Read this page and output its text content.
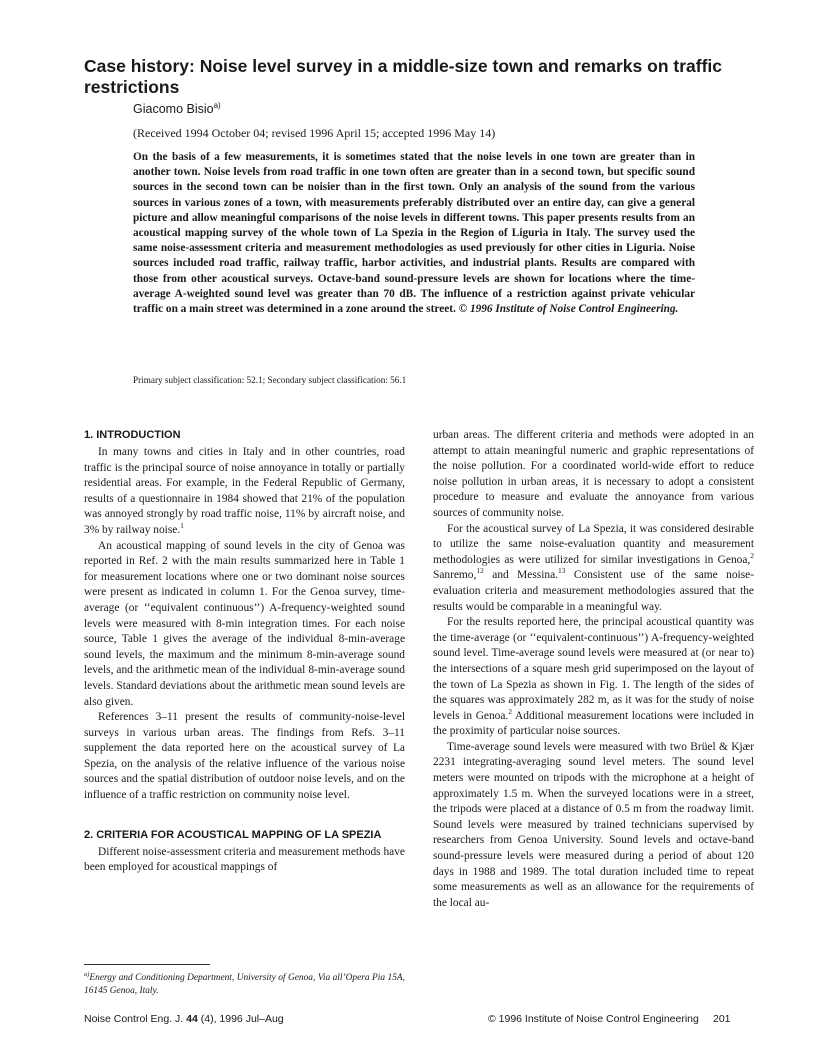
Case history: Noise level survey in a middle-size town and remarks on traffic restrictions
Giacomo Bisio$^{a)}$
(Received 1994 October 04; revised 1996 April 15; accepted 1996 May 14)

On the basis of a few measurements, it is sometimes stated that the noise levels in one town are greater than in another town. Noise levels from road traffic in one town often are greater than in a second town, but specific sound sources in the second town can be noisier than in the first town. Only an analysis of the sound from the various sources in various zones of a town, with measurements preferably distributed over an entire day, can give a general picture and allow meaningful comparisons of the noise levels in different towns. This paper presents results from an acoustical mapping survey of the whole town of La Spezia in the Region of Liguria in Italy. The survey used the same noise-assessment criteria and measurement methodologies as used previously for other cities in Liguria. Noise sources included road traffic, railway traffic, harbor activities, and industrial plants. Results are compared with those from other acoustical surveys. Octave-band sound-pressure levels are shown for locations where the time-average A-weighted sound level was greater than 70 dB. The influence of a restriction against private vehicular traffic on a main street was determined in a zone around the street. © 1996 Institute of Noise Control Engineering.

Primary subject classification: 52.1; Secondary subject classification: 56.1
1. INTRODUCTION

In many towns and cities in Italy and in other countries, road traffic is the principal source of noise annoyance in totally or partially residential areas. For example, in the Federal Republic of Germany, results of a questionnaire in 1984 showed that 21% of the population was annoyed strongly by road traffic noise, 11% by aircraft noise, and 3% by railway noise.$^1$

An acoustical mapping of sound levels in the city of Genoa was reported in Ref. 2 with the main results summarized here in Table 1 for measurement locations where one or two dominant noise sources were present as indicated in column 1. For the Genoa survey, time-average (or ‘‘equivalent continuous’’) A-frequency-weighted sound levels were measured with 8-min integration times. For each noise source, Table 1 gives the average of the individual 8-min-average sound levels, the maximum and the minimum 8-min-average sound levels, and the arithmetic mean of the individual 8-min-average sound levels. Standard deviations about the arithmetic mean sound levels are also given.

References 3–11 present the results of community-noise-level surveys in various urban areas. The findings from Refs. 3–11 supplement the data reported here on the acoustical survey of La Spezia, on the analysis of the relative influence of the various noise sources and the spatial distribution of outdoor noise levels, and on the influence of a traffic restriction on community noise level.

2. CRITERIA FOR ACOUSTICAL MAPPING OF LA SPEZIA

Different noise-assessment criteria and measurement methods have been employed for acoustical mappings of

urban areas. The different criteria and methods were adopted in an attempt to attain meaningful numeric and graphic representations of the noise pollution. For a coordinated world-wide effort to reduce noise pollution in urban areas, it is necessary to adopt a consistent procedure to measure and evaluate the annoyance from various sources of community noise.

For the acoustical survey of La Spezia, it was considered desirable to utilize the same noise-evaluation quantity and measurement methodologies as were utilized for similar investigations in Genoa,$^2$ Sanremo,$^{12}$ and Messina.$^{13}$ Consistent use of the same noise-evaluation criteria and measurement methodologies assured that the results would be comparable in a meaningful way.

For the results reported here, the principal acoustical quantity was the time-average (or ‘‘equivalent-continuous’’) A-frequency-weighted sound level. Time-average sound levels were measured at (or near to) the intersections of a square mesh grid superimposed on the layout of the town of La Spezia as shown in Fig. 1. The length of the sides of the squares was approximately 282 m, as it was for the study of noise levels in Genoa.$^2$ Additional measurement locations were included in the proximity of particular noise sources.

Time-average sound levels were measured with two Brüel & Kjær 2231 integrating-averaging sound level meters. The sound level meters were mounted on tripods with the microphone at a height of approximately 1.5 m. When the surveyed locations were in a street, the tripods were placed at a distance of 0.5 m from the roadway limit. Sound levels were measured by trained technicians supervised by researchers from Genoa University. Sound levels and octave-band sound-pressure levels were measured during a period of about 120 days in 1988 and 1989. The total duration included time to repeat some measurements as well as an allowance for the requirements of the local au-

$^{a)}$Energy and Conditioning Department, University of Genoa, Via all’Opera Pia 15A, 16145 Genoa, Italy.
Noise Control Eng. J. 44 (4), 1996 Jul–Aug	© 1996 Institute of Noise Control Engineering 201
